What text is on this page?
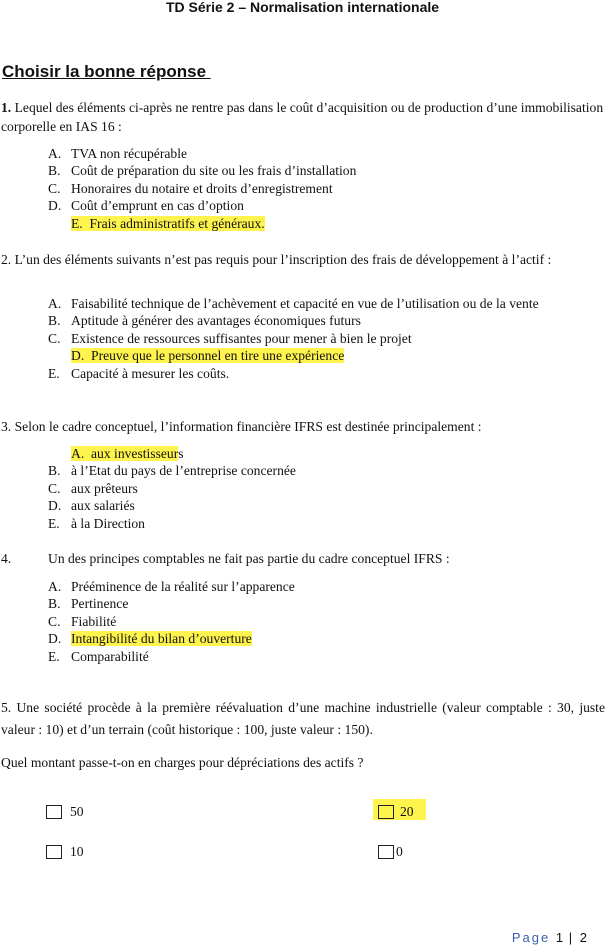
TD Série 2 – Normalisation internationale
Choisir la bonne réponse
1. Lequel des éléments ci-après ne rentre pas dans le coût d’acquisition ou de production d’une immobilisation corporelle en IAS 16 :
A. TVA non récupérable
B. Coût de préparation du site ou les frais d’installation
C. Honoraires du notaire et droits d’enregistrement
D. Coût d’emprunt en cas d’option
E. Frais administratifs et généraux.
2. L’un des éléments suivants n’est pas requis pour l’inscription des frais de développement à l’actif :
A. Faisabilité technique de l’achèvement et capacité en vue de l’utilisation ou de la vente
B. Aptitude à générer des avantages économiques futurs
C. Existence de ressources suffisantes pour mener à bien le projet
D. Preuve que le personnel en tire une expérience
E. Capacité à mesurer les coûts.
3. Selon le cadre conceptuel, l’information financière IFRS est destinée principalement :
A. aux investisseurs
B. à l’Etat du pays de l’entreprise concernée
C. aux prêteurs
D. aux salariés
E. à la Direction
4.	Un des principes comptables ne fait pas partie du cadre conceptuel IFRS :
A. Prééminence de la réalité sur l’apparence
B. Pertinence
C. Fiabilité
D. Intangibilité du bilan d’ouverture
E. Comparabilité
5. Une société procède à la première réévaluation d’une machine industrielle (valeur comptable : 30, juste valeur : 10) et d’un terrain (coût historique : 100, juste valeur : 150).
Quel montant passe-t-on en charges pour dépréciations des actifs ?
50	20
10	0
Page 1 | 2
